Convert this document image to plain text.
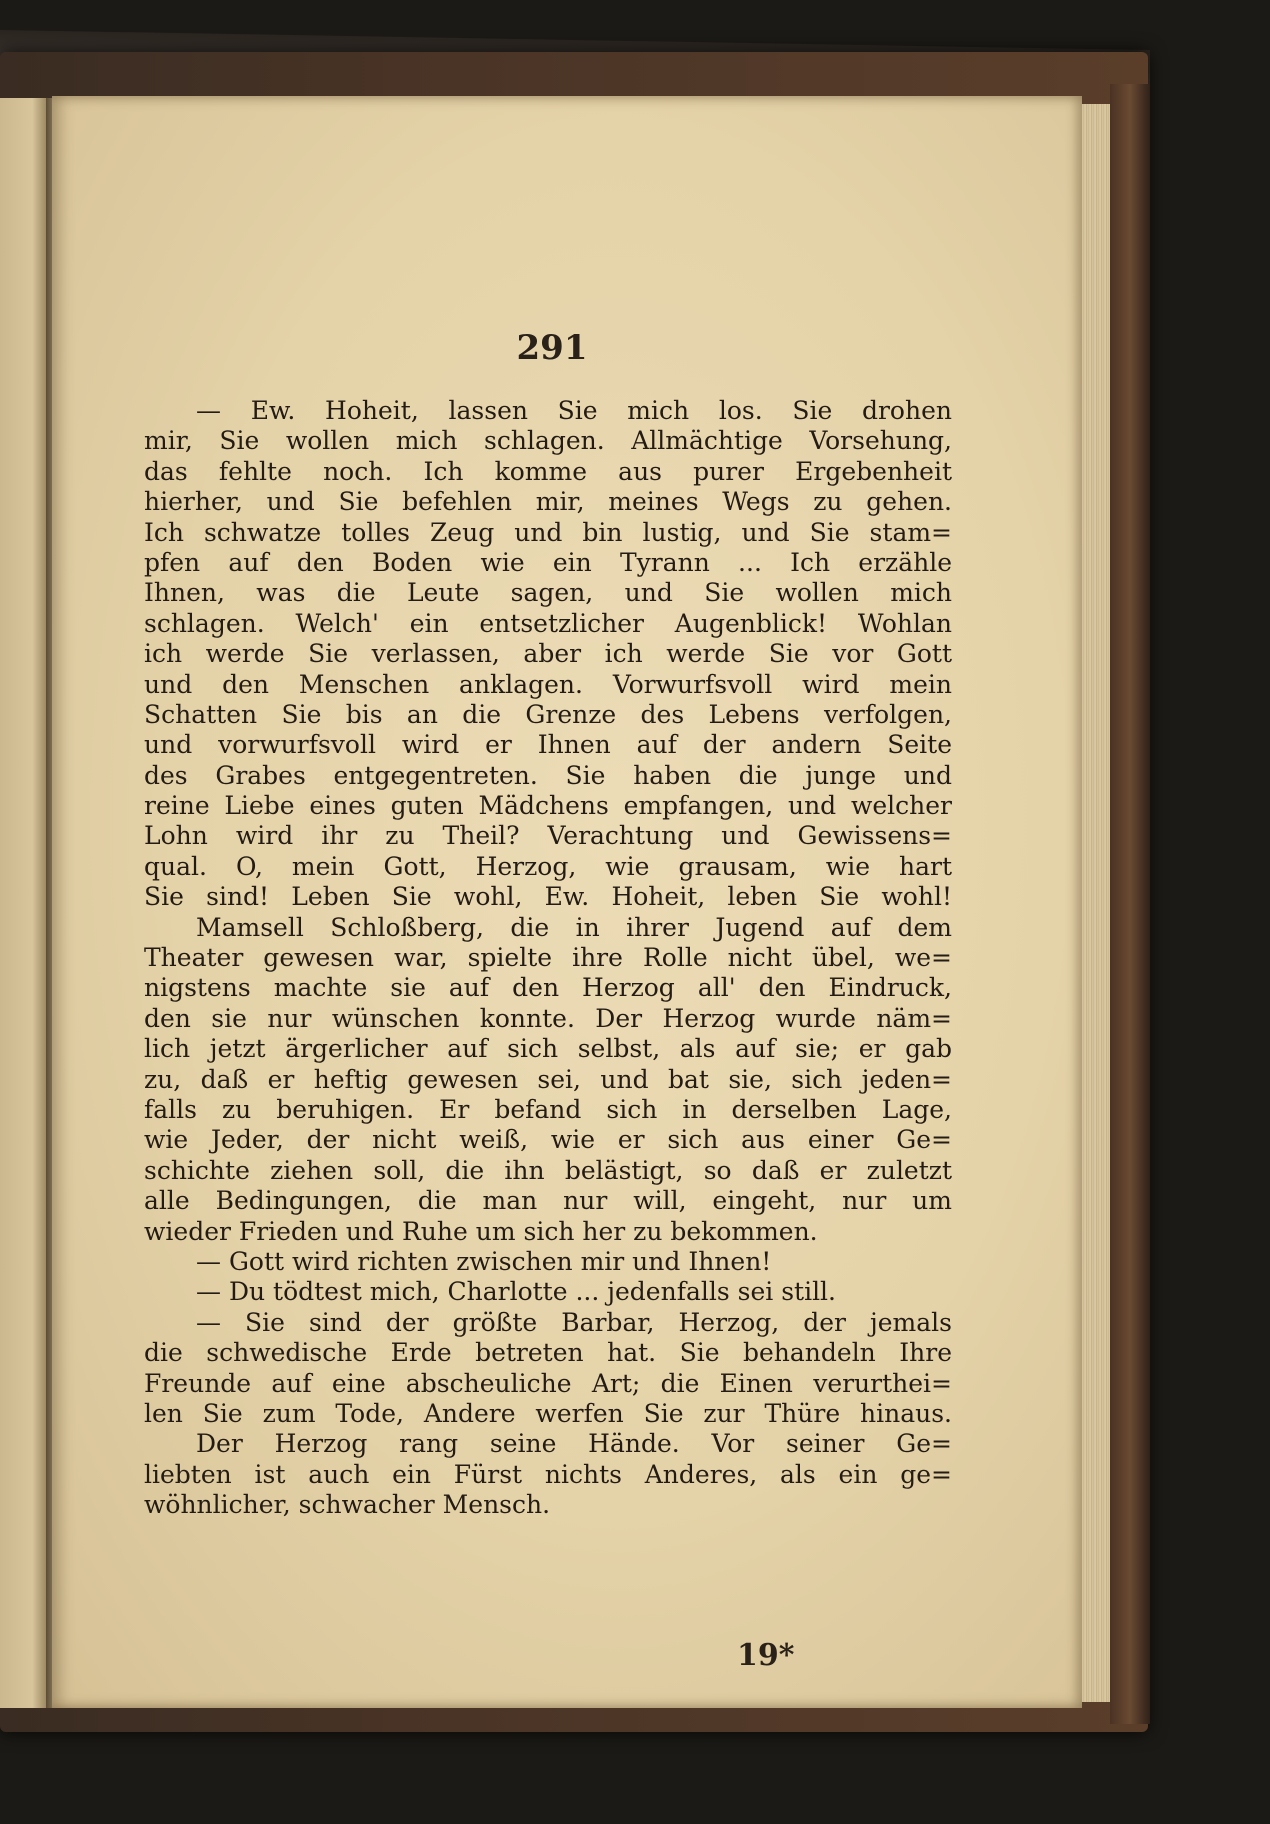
291
— Ew. Hoheit, lassen Sie mich los. Sie drohen
mir, Sie wollen mich schlagen. Allmächtige Vorsehung,
das fehlte noch. Ich komme aus purer Ergebenheit
hierher, und Sie befehlen mir, meines Wegs zu gehen.
Ich schwatze tolles Zeug und bin lustig, und Sie stam=
pfen auf den Boden wie ein Tyrann ... Ich erzähle
Ihnen, was die Leute sagen, und Sie wollen mich
schlagen. Welch' ein entsetzlicher Augenblick! Wohlan
ich werde Sie verlassen, aber ich werde Sie vor Gott
und den Menschen anklagen. Vorwurfsvoll wird mein
Schatten Sie bis an die Grenze des Lebens verfolgen,
und vorwurfsvoll wird er Ihnen auf der andern Seite
des Grabes entgegentreten. Sie haben die junge und
reine Liebe eines guten Mädchens empfangen, und welcher
Lohn wird ihr zu Theil? Verachtung und Gewissens=
qual. O, mein Gott, Herzog, wie grausam, wie hart
Sie sind! Leben Sie wohl, Ew. Hoheit, leben Sie wohl!
Mamsell Schloßberg, die in ihrer Jugend auf dem
Theater gewesen war, spielte ihre Rolle nicht übel, we=
nigstens machte sie auf den Herzog all' den Eindruck,
den sie nur wünschen konnte. Der Herzog wurde näm=
lich jetzt ärgerlicher auf sich selbst, als auf sie; er gab
zu, daß er heftig gewesen sei, und bat sie, sich jeden=
falls zu beruhigen. Er befand sich in derselben Lage,
wie Jeder, der nicht weiß, wie er sich aus einer Ge=
schichte ziehen soll, die ihn belästigt, so daß er zuletzt
alle Bedingungen, die man nur will, eingeht, nur um
wieder Frieden und Ruhe um sich her zu bekommen.
— Gott wird richten zwischen mir und Ihnen!
— Du tödtest mich, Charlotte ... jedenfalls sei still.
— Sie sind der größte Barbar, Herzog, der jemals
die schwedische Erde betreten hat. Sie behandeln Ihre
Freunde auf eine abscheuliche Art; die Einen verurthei=
len Sie zum Tode, Andere werfen Sie zur Thüre hinaus.
Der Herzog rang seine Hände. Vor seiner Ge=
liebten ist auch ein Fürst nichts Anderes, als ein ge=
wöhnlicher, schwacher Mensch.
19*
